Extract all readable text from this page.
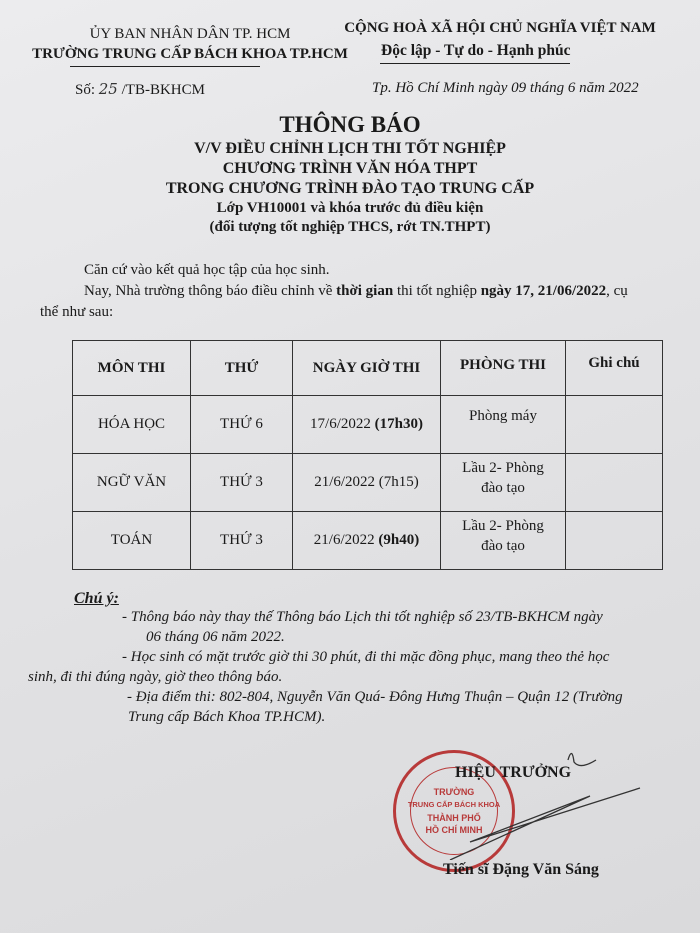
ỦY BAN NHÂN DÂN TP. HCM
TRƯỜNG TRUNG CẤP BÁCH KHOA TP.HCM
Số: 25 /TB-BKHCM
CỘNG HOÀ XÃ HỘI CHỦ NGHĨA VIỆT NAM
Độc lập - Tự do - Hạnh phúc
Tp. Hồ Chí Minh ngày 09 tháng 6 năm 2022
THÔNG BÁO
V/V ĐIỀU CHỈNH LỊCH THI TỐT NGHIỆP
CHƯƠNG TRÌNH VĂN HÓA THPT
TRONG CHƯƠNG TRÌNH ĐÀO TẠO TRUNG CẤP
Lớp VH10001 và khóa trước đủ điều kiện
(đối tượng tốt nghiệp THCS, rớt TN.THPT)
Căn cứ vào kết quả học tập của học sinh.
Nay, Nhà trường thông báo điều chỉnh về thời gian thi tốt nghiệp ngày 17, 21/06/2022, cụ
thể như sau:
MÔN THI	THỨ	NGÀY GIỜ THI	PHÒNG THI	Ghi chú
HÓA HỌC	THỨ 6	17/6/2022 (17h30)	Phòng máy	
NGỮ VĂN	THỨ 3	21/6/2022 (7h15)	Lầu 2- Phòng đào tạo	
TOÁN	THỨ 3	21/6/2022 (9h40)	Lầu 2- Phòng đào tạo	
Chú ý:
- Thông báo này thay thế Thông báo Lịch thi tốt nghiệp số 23/TB-BKHCM ngày
06 tháng 06 năm 2022.
- Học sinh có mặt trước giờ thi 30 phút, đi thi mặc đồng phục, mang theo thẻ học
sinh, đi thi đúng ngày, giờ theo thông báo.
- Địa điểm thi: 802-804, Nguyễn Văn Quá- Đông Hưng Thuận – Quận 12 (Trường
Trung cấp Bách Khoa TP.HCM).
TRƯỜNG
TRUNG CẤP BÁCH KHOA
THÀNH PHỐ
HỒ CHÍ MINH
HIỆU TRƯỞNG
Tiến sĩ Đặng Văn Sáng
